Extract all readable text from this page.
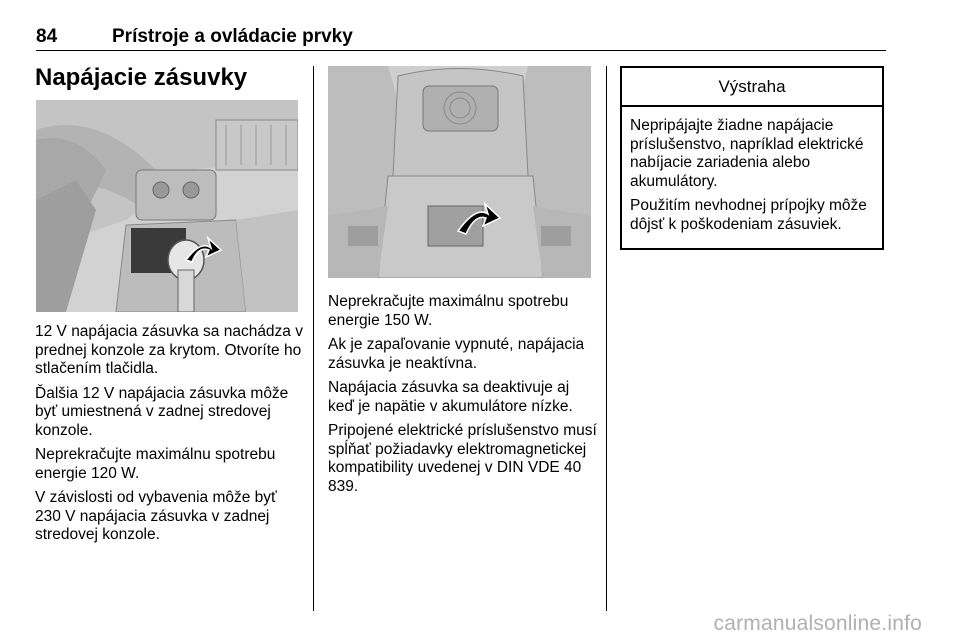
84	Prístroje a ovládacie prvky
Napájacie zásuvky

12 V napájacia zásuvka sa nachádza v prednej konzole za krytom. Otvoríte ho stlačením tlačidla.

Ďalšia 12 V napájacia zásuvka môže byť umiestnená v zadnej stredovej konzole.

Neprekračujte maximálnu spotrebu energie 120 W.

V závislosti od vybavenia môže byť 230 V napájacia zásuvka v zadnej stredovej konzole.

Neprekračujte maximálnu spotrebu energie 150 W.

Ak je zapaľovanie vypnuté, napájacia zásuvka je neaktívna.

Napájacia zásuvka sa deaktivuje aj keď je napätie v akumulátore nízke.

Pripojené elektrické príslušenstvo musí spĺňať požiadavky elektromagnetickej kompatibility uvedenej v DIN VDE 40 839.

Výstraha

Nepripájajte žiadne napájacie príslušenstvo, napríklad elektrické nabíjacie zariadenia alebo akumulátory.

Použitím nevhodnej prípojky môže dôjsť k poškodeniam zásuviek.

carmanualsonline.info
